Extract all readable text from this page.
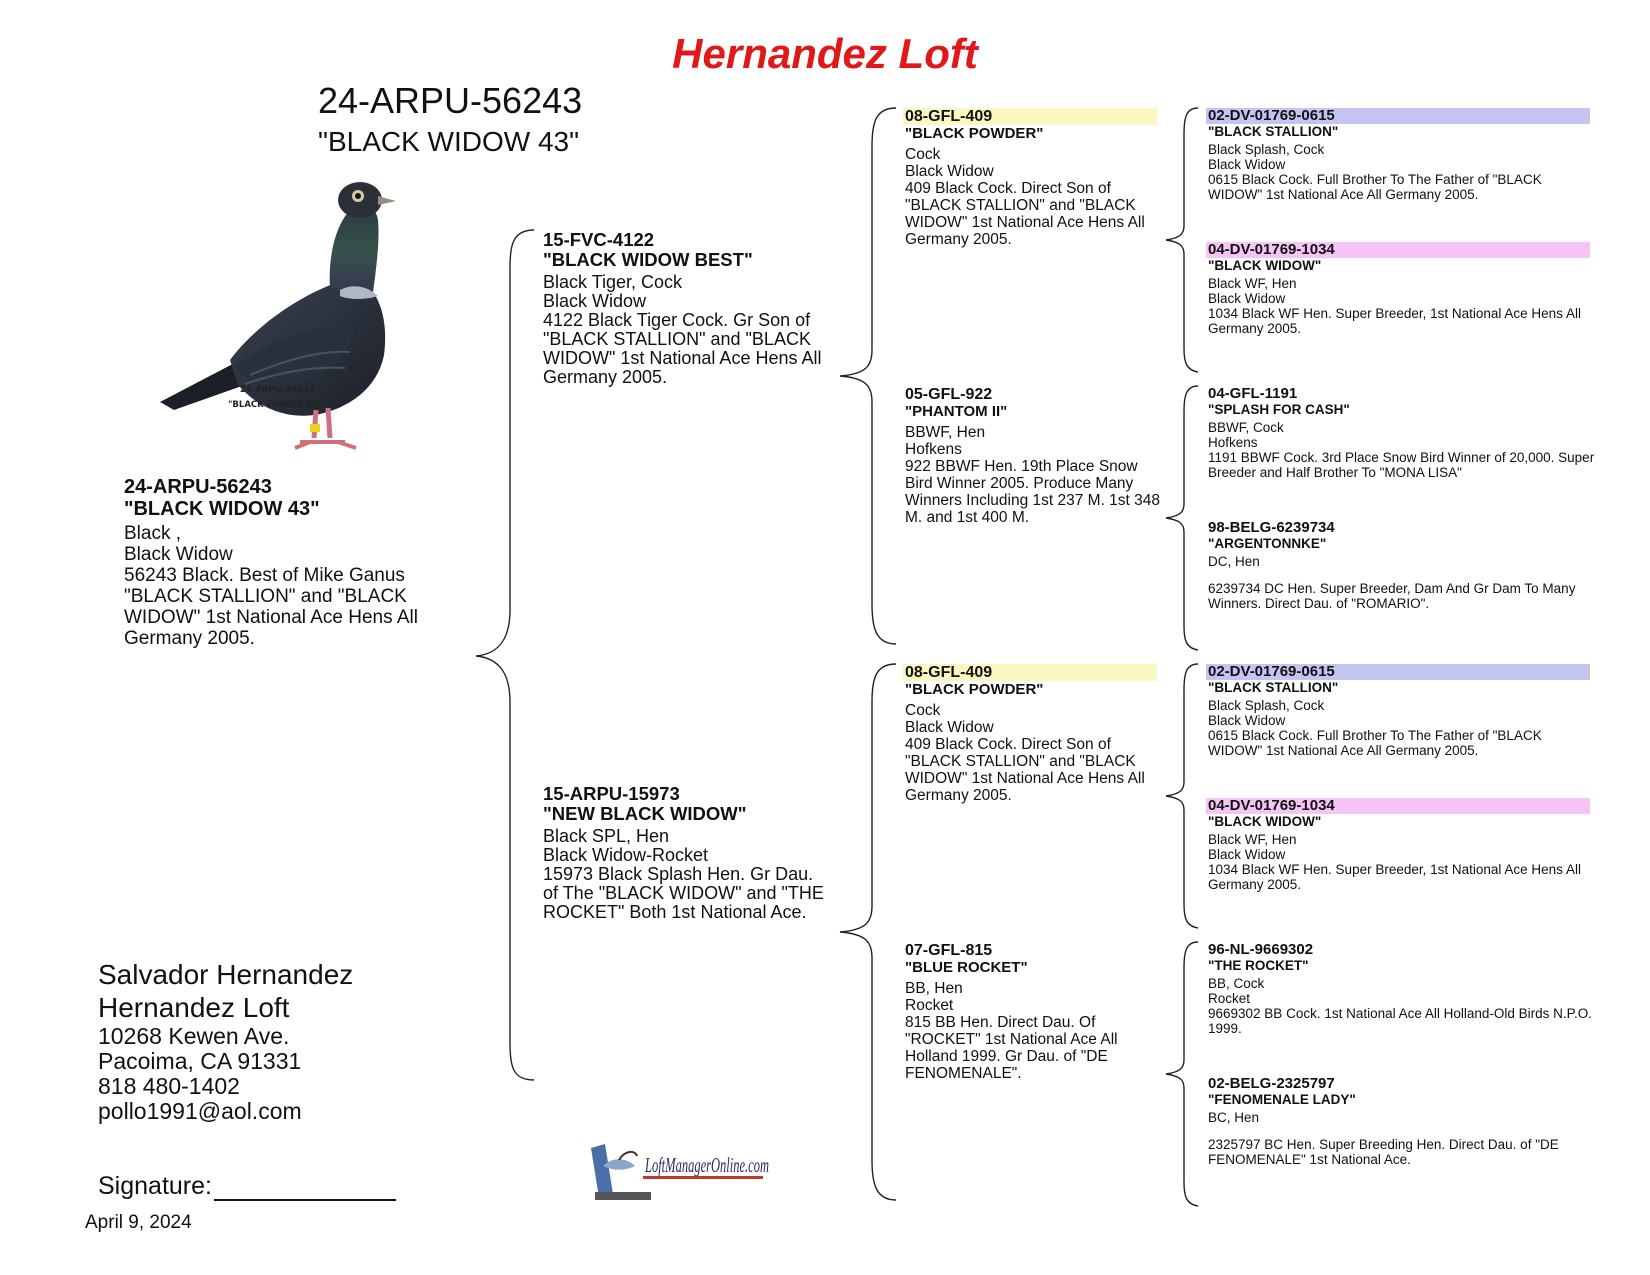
Hernandez Loft
24-ARPU-56243
"BLACK WIDOW 43"
24-ARPU-56243
"BLACK WIDOW 43"
24-ARPU-56243
"BLACK WIDOW 43"
Black ,
Black Widow
56243 Black. Best of Mike Ganus "BLACK STALLION" and "BLACK WIDOW" 1st National Ace Hens All Germany 2005.
15-FVC-4122
"BLACK WIDOW BEST"
Black Tiger, Cock
Black Widow
4122 Black Tiger Cock. Gr Son of "BLACK STALLION" and "BLACK WIDOW" 1st National Ace Hens All Germany 2005.
15-ARPU-15973
"NEW BLACK WIDOW"
Black SPL, Hen
Black Widow-Rocket
15973 Black Splash Hen. Gr Dau. of The "BLACK WIDOW" and "THE ROCKET" Both 1st National Ace.
08-GFL-409
"BLACK POWDER"
Cock
Black Widow
409 Black Cock. Direct Son of "BLACK STALLION" and "BLACK WIDOW" 1st National Ace Hens All Germany 2005.
05-GFL-922
"PHANTOM II"
BBWF, Hen
Hofkens
922 BBWF Hen. 19th Place Snow Bird Winner 2005. Produce Many Winners Including 1st 237 M. 1st 348 M. and 1st 400 M.
08-GFL-409
"BLACK POWDER"
Cock
Black Widow
409 Black Cock. Direct Son of "BLACK STALLION" and "BLACK WIDOW" 1st National Ace Hens All Germany 2005.
07-GFL-815
"BLUE ROCKET"
BB, Hen
Rocket
815 BB Hen. Direct Dau. Of "ROCKET" 1st National Ace All Holland 1999. Gr Dau. of "DE FENOMENALE".
02-DV-01769-0615
"BLACK STALLION"
Black Splash, Cock
Black Widow
0615 Black Cock. Full Brother To The Father of "BLACK WIDOW" 1st National Ace All Germany 2005.
04-DV-01769-1034
"BLACK WIDOW"
Black WF, Hen
Black Widow
1034 Black WF Hen. Super Breeder, 1st National Ace Hens All Germany 2005.
04-GFL-1191
"SPLASH FOR CASH"
BBWF, Cock
Hofkens
1191 BBWF Cock. 3rd Place Snow Bird Winner of 20,000. Super Breeder and Half Brother To "MONA LISA"
98-BELG-6239734
"ARGENTONNKE"
DC, Hen
6239734 DC Hen. Super Breeder, Dam And Gr Dam To Many Winners. Direct Dau. of "ROMARIO".
02-DV-01769-0615
"BLACK STALLION"
Black Splash, Cock
Black Widow
0615 Black Cock. Full Brother To The Father of "BLACK WIDOW" 1st National Ace All Germany 2005.
04-DV-01769-1034
"BLACK WIDOW"
Black WF, Hen
Black Widow
1034 Black WF Hen. Super Breeder, 1st National Ace Hens All Germany 2005.
96-NL-9669302
"THE ROCKET"
BB, Cock
Rocket
9669302 BB Cock. 1st National Ace All Holland-Old Birds N.P.O. 1999.
02-BELG-2325797
"FENOMENALE LADY"
BC, Hen
2325797 BC Hen. Super Breeding Hen. Direct Dau. of "DE FENOMENALE" 1st National Ace.
Salvador Hernandez
Hernandez Loft
10268 Kewen Ave.
Pacoima, CA 91331
818 480-1402
pollo1991@aol.com
Signature:
April 9, 2024
LoftManagerOnline.com
